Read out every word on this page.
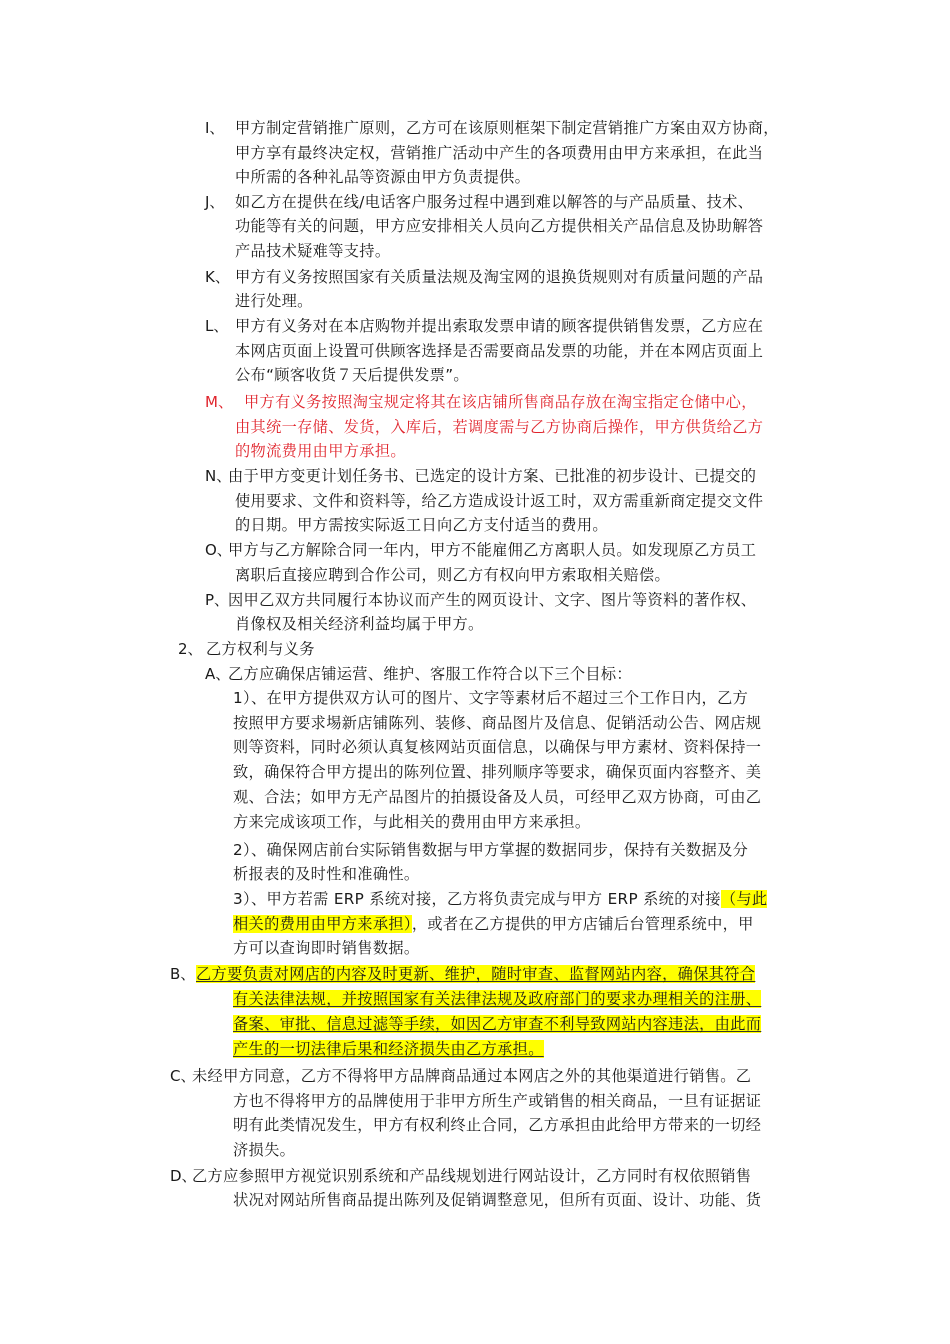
I、 甲方制定营销推广原则，乙方可在该原则框架下制定营销推广方案由双方协商，
甲方享有最终决定权，营销推广活动中产生的各项费用由甲方来承担，在此当
中所需的各种礼品等资源由甲方负责提供。
J、 如乙方在提供在线/电话客户服务过程中遇到难以解答的与产品质量、技术、
功能等有关的问题，甲方应安排相关人员向乙方提供相关产品信息及协助解答
产品技术疑难等支持。
K、 甲方有义务按照国家有关质量法规及淘宝网的退换货规则对有质量问题的产品
进行处理。
L、 甲方有义务对在本店购物并提出索取发票申请的顾客提供销售发票，乙方应在
本网店页面上设置可供顾客选择是否需要商品发票的功能，并在本网店页面上
公布“顾客收货７天后提供发票”。
M、 甲方有义务按照淘宝规定将其在该店铺所售商品存放在淘宝指定仓储中心，
由其统一存储、发货，入库后，若调度需与乙方协商后操作，甲方供货给乙方
的物流费用由甲方承担。
N、
由于甲方变更计划任务书、已选定的设计方案、已批准的初步设计、已提交的
使用要求、文件和资料等，给乙方造成设计返工时，双方需重新商定提交文件
的日期。甲方需按实际返工日向乙方支付适当的费用。
O、
甲方与乙方解除合同一年内，甲方不能雇佣乙方离职人员。如发现原乙方员工
离职后直接应聘到合作公司，则乙方有权向甲方索取相关赔偿。
P、
因甲乙双方共同履行本协议而产生的网页设计、文字、图片等资料的著作权、
肖像权及相关经济利益均属于甲方。
2、 乙方权利与义务
A、
乙方应确保店铺运营、维护、客服工作符合以下三个目标：
1）、在甲方提供双方认可的图片、文字等素材后不超过三个工作日内，乙方
按照甲方要求埸新店铺陈列、装修、商品图片及信息、促销活动公告、网店规
则等资料，同时必须认真复核网站页面信息，以确保与甲方素材、资料保持一
致，确保符合甲方提出的陈列位置、排列顺序等要求，确保页面内容整齐、美
观、合法；如甲方无产品图片的拍摄设备及人员，可经甲乙双方协商，可由乙
方来完成该项工作，与此相关的费用由甲方来承担。
2）、确保网店前台实际销售数据与甲方掌握的数据同步，保持有关数据及分
析报表的及时性和准确性。
3）、甲方若需 ERP 系统对接，乙方将负责完成与甲方 ERP 系统的对接（与此
相关的费用由甲方来承担），或者在乙方提供的甲方店铺后台管理系统中，甲
方可以查询即时销售数据。
B、 乙方要负责对网店的内容及时更新、维护，随时审查、监督网站内容，确保其符合
有关法律法规，并按照国家有关法律法规及政府部门的要求办理相关的注册、
备案、审批、信息过滤等手续，如因乙方审查不利导致网站内容违法，由此而
产生的一切法律后果和经济损失由乙方承担。
C、
未经甲方同意，乙方不得将甲方品牌商品通过本网店之外的其他渠道进行销售。乙
方也不得将甲方的品牌使用于非甲方所生产或销售的相关商品，一旦有证据证
明有此类情况发生，甲方有权利终止合同，乙方承担由此给甲方带来的一切经
济损失。
D、
乙方应参照甲方视觉识别系统和产品线规划进行网站设计，乙方同时有权依照销售
状况对网站所售商品提出陈列及促销调整意见，但所有页面、设计、功能、货
